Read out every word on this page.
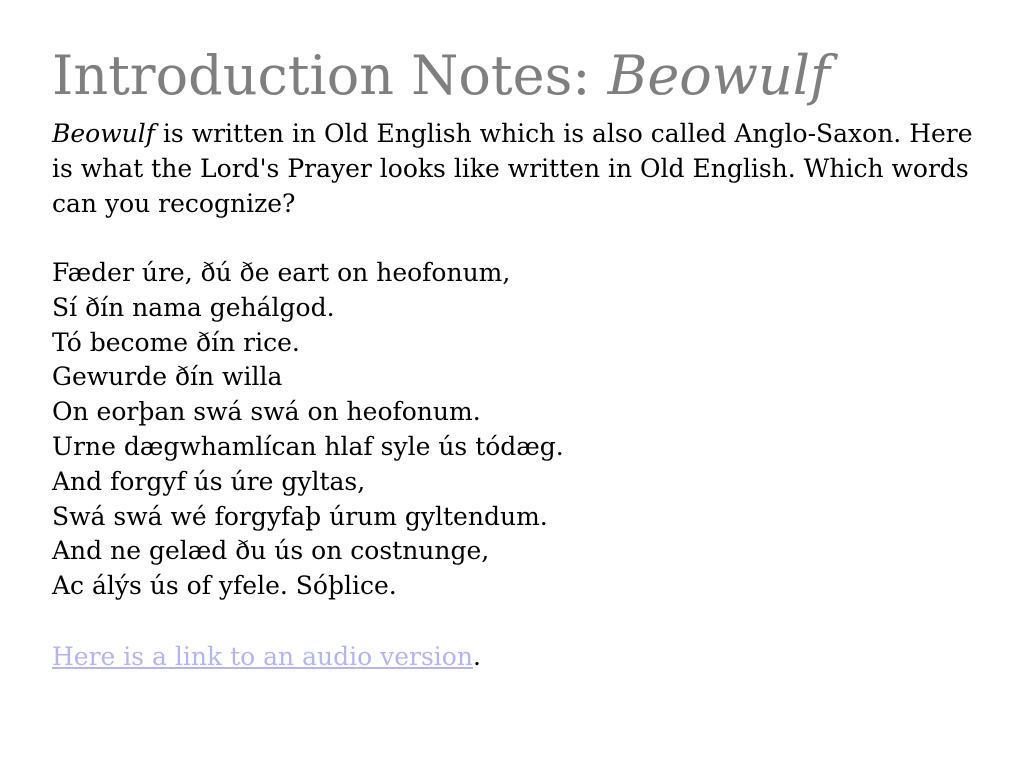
Introduction Notes: Beowulf

Beowulf is written in Old English which is also called Anglo-Saxon. Here is what the Lord's Prayer looks like written in Old English. Which words can you recognize?

Fæder úre, ðú ðe eart on heofonum,
Sí ðín nama gehálgod.
Tó become ðín rice.
Gewurde ðín willa
On eorþan swá swá on heofonum.
Urne dægwhamlícan hlaf syle ús tódæg.
And forgyf ús úre gyltas,
Swá swá wé forgyfaþ úrum gyltendum.
And ne gelæd ðu ús on costnunge,
Ac álýs ús of yfele. Sóþlice.

Here is a link to an audio version.
